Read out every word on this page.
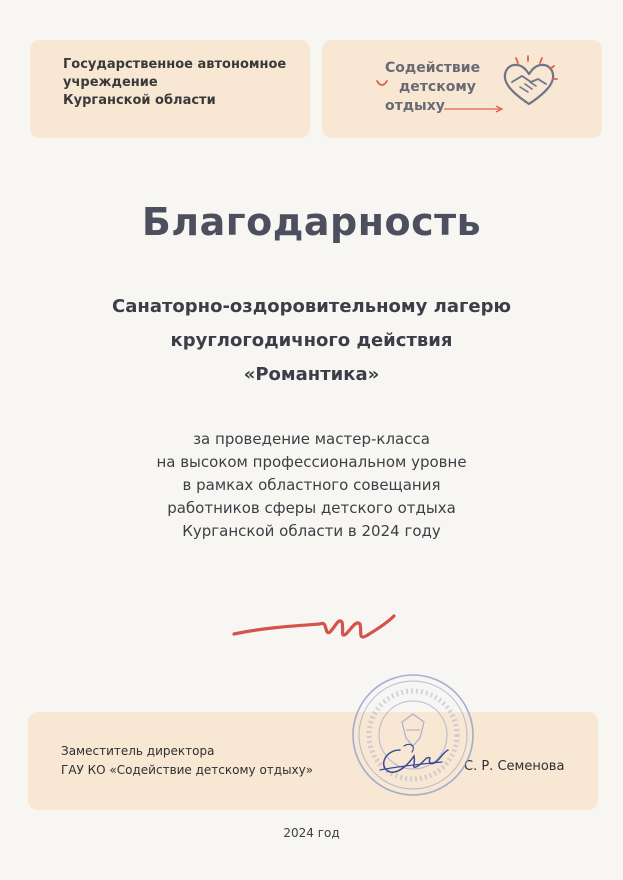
Государственное автономное
учреждение
Курганской области
Содействие
детскому
отдыху
Благодарность
Санаторно-оздоровительному лагерю
круглогодичного действия
«Романтика»
за проведение мастер-класса
на высоком профессиональном уровне
в рамках областного совещания
работников сферы детского отдыха
Курганской области в 2024 году
Заместитель директора
ГАУ КО «Содействие детскому отдыху»	С. Р. Семенова
2024 год
